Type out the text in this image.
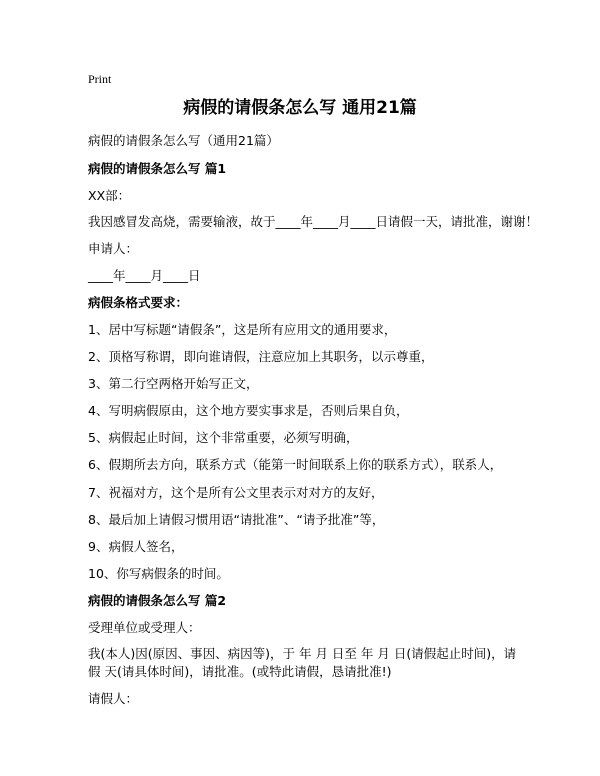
Print
病假的请假条怎么写 通用21篇
病假的请假条怎么写（通用21篇）
病假的请假条怎么写 篇1
XX部：
我因感冒发高烧，需要输液，故于____年____月____日请假一天，请批准，谢谢！
申请人：
____年____月____日
病假条格式要求：
1、居中写标题“请假条”，这是所有应用文的通用要求，
2、顶格写称谓，即向谁请假，注意应加上其职务，以示尊重，
3、第二行空两格开始写正文，
4、写明病假原由，这个地方要实事求是，否则后果自负，
5、病假起止时间，这个非常重要，必须写明确，
6、假期所去方向，联系方式（能第一时间联系上你的联系方式），联系人，
7、祝福对方，这个是所有公文里表示对对方的友好，
8、最后加上请假习惯用语“请批准”、“请予批准”等，
9、病假人签名，
10、你写病假条的时间。
病假的请假条怎么写 篇2
受理单位或受理人：
我(本人)因(原因、事因、病因等)，于 年 月 日至 年 月 日(请假起止时间)，请假 天(请具体时间)，请批准。(或特此请假，恳请批准!)
请假人：
